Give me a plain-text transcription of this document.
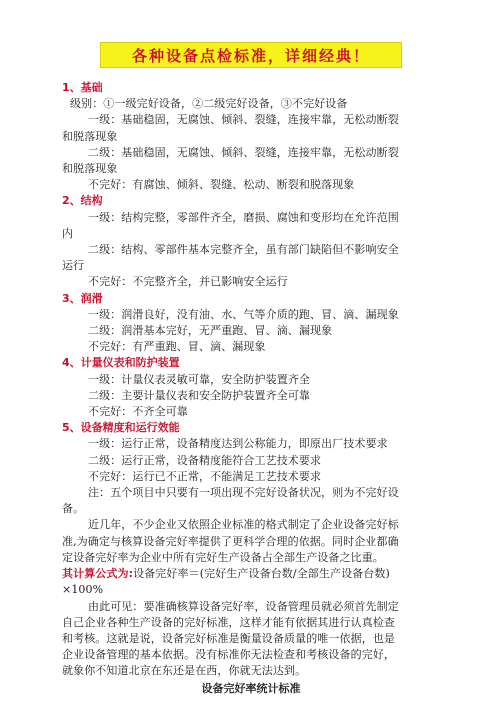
各种设备点检标准，详细经典！
1、基础
级别：①一级完好设备，②二级完好设备，③不完好设备
一级：基础稳固，无腐蚀、倾斜、裂缝，连接牢靠，无松动断裂
和脱落现象
二级：基础稳固，无腐蚀、倾斜、裂缝，连接牢靠，无松动断裂
和脱落现象
不完好：有腐蚀、倾斜、裂缝、松动、断裂和脱落现象
2、结构
一级：结构完整，零部件齐全，磨损、腐蚀和变形均在允许范围
内
二级：结构、零部件基本完整齐全，虽有部门缺陷但不影响安全
运行
不完好：不完整齐全，并已影响安全运行
3、润滑
一级：润滑良好，没有油、水、气等介质的跑、冒、滴、漏现象
二级：润滑基本完好，无严重跑、冒、滴、漏现象
不完好：有严重跑、冒、滴、漏现象
4、计量仪表和防护装置
一级：计量仪表灵敏可靠，安全防护装置齐全
二级：主要计量仪表和安全防护装置齐全可靠
不完好：不齐全可靠
5、设备精度和运行效能
一级：运行正常，设备精度达到公称能力，即原出厂技术要求
二级：运行正常，设备精度能符合工艺技术要求
不完好：运行已不正常，不能满足工艺技术要求
注：五个项目中只要有一项出现不完好设备状况，则为不完好设
备。
近几年，不少企业又依照企业标准的格式制定了企业设备完好标
准,为确定与核算设备完好率提供了更科学合理的依据。同时企业都确
定设备完好率为企业中所有完好生产设备占全部生产设备之比重。
其计算公式为:设备完好率＝(完好生产设备台数/全部生产设备台数)
×100%
由此可见：要准确核算设备完好率，设备管理员就必须首先制定
自己企业各种生产设备的完好标准，这样才能有依据其进行认真检查
和考核。这就是说，设备完好标准是衡量设备质量的唯一依据，也是
企业设备管理的基本依据。没有标准你无法检查和考核设备的完好，
就象你不知道北京在东还是在西，你就无法达到。
设备完好率统计标准
